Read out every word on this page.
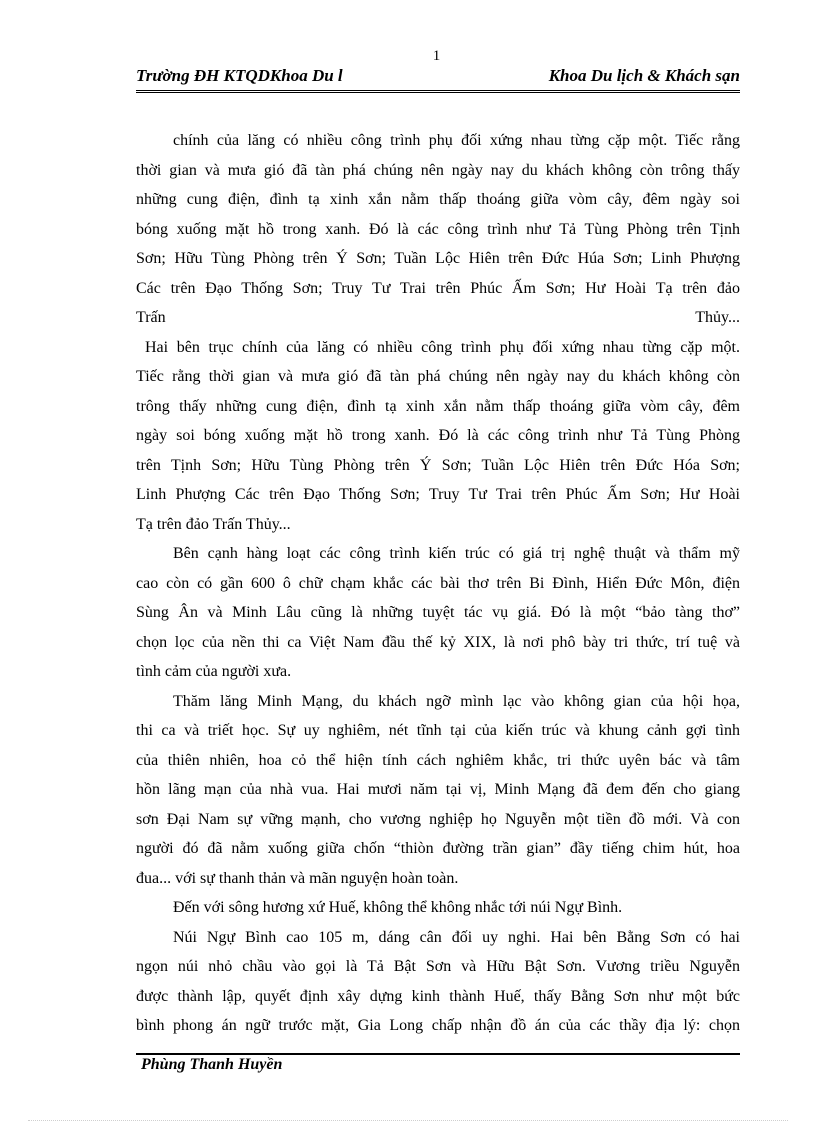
1
Trường ĐH KTQDKhoa Du l	Khoa Du lịch & Khách sạn
chính của lăng có nhiều công trình phụ đối xứng nhau từng cặp một. Tiếc rằng
thời gian và mưa gió đã tàn phá chúng nên ngày nay du khách không còn trông thấy
những cung điện, đình tạ xinh xắn nằm thấp thoáng giữa vòm cây, đêm ngày soi
bóng xuống mặt hồ trong xanh. Đó là các công trình như Tả Tùng Phòng trên Tịnh
Sơn; Hữu Tùng Phòng trên Ý Sơn; Tuần Lộc Hiên trên Đức Húa Sơn; Linh Phượng
Các trên Đạo Thống Sơn; Truy Tư Trai trên Phúc Ấm Sơn; Hư Hoài Tạ trên đảo
Trấn Thủy...
Hai bên trục chính của lăng có nhiều công trình phụ đối xứng nhau từng cặp một.
Tiếc rằng thời gian và mưa gió đã tàn phá chúng nên ngày nay du khách không còn
trông thấy những cung điện, đình tạ xinh xắn nằm thấp thoáng giữa vòm cây, đêm
ngày soi bóng xuống mặt hồ trong xanh. Đó là các công trình như Tả Tùng Phòng
trên Tịnh Sơn; Hữu Tùng Phòng trên Ý Sơn; Tuần Lộc Hiên trên Đức Hóa Sơn;
Linh Phượng Các trên Đạo Thống Sơn; Truy Tư Trai trên Phúc Ấm Sơn; Hư Hoài
Tạ trên đảo Trấn Thủy...
Bên cạnh hàng loạt các công trình kiến trúc có giá trị nghệ thuật và thẩm mỹ
cao còn có gần 600 ô chữ chạm khắc các bài thơ trên Bi Đình, Hiển Đức Môn, điện
Sùng Ân và Minh Lâu cũng là những tuyệt tác vụ giá. Đó là một “bảo tàng thơ”
chọn lọc của nền thi ca Việt Nam đầu thế kỷ XIX, là nơi phô bày tri thức, trí tuệ và
tình cảm của người xưa.
Thăm lăng Minh Mạng, du khách ngỡ mình lạc vào không gian của hội họa,
thi ca và triết học. Sự uy nghiêm, nét tĩnh tại của kiến trúc và khung cảnh gợi tình
của thiên nhiên, hoa cỏ thể hiện tính cách nghiêm khắc, tri thức uyên bác và tâm
hồn lãng mạn của nhà vua. Hai mươi năm tại vị, Minh Mạng đã đem đến cho giang
sơn Đại Nam sự vững mạnh, cho vương nghiệp họ Nguyễn một tiền đồ mới. Và con
người đó đã nằm xuống giữa chốn “thiòn đường trần gian” đầy tiếng chim hút, hoa
đua... với sự thanh thản và mãn nguyện hoàn toàn.
Đến với sông hương xứ Huế, không thể không nhắc tới núi Ngự Bình.
Núi Ngự Bình cao 105 m, dáng cân đối uy nghi. Hai bên Bằng Sơn có hai
ngọn núi nhỏ chầu vào gọi là Tả Bật Sơn và Hữu Bật Sơn. Vương triều Nguyễn
được thành lập, quyết định xây dựng kinh thành Huế, thấy Bằng Sơn như một bức
bình phong án ngữ trước mặt, Gia Long chấp nhận đồ án của các thầy địa lý: chọn
Phùng Thanh Huyền
